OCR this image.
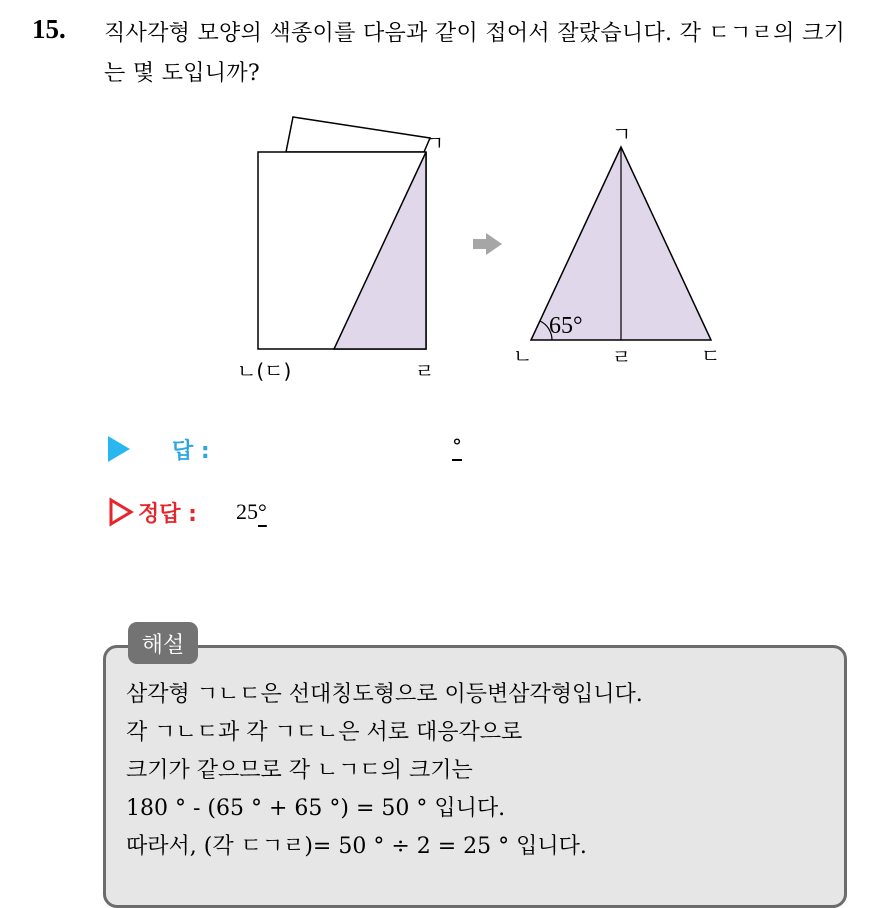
15. 직사각형 모양의 색종이를 다음과 같이 접어서 잘랐습니다. 각 ㄷㄱㄹ의 크기는 몇 도입니까?
ㄱ
ㄴ(ㄷ)	ㄹ
65°
ㄱ
ㄴ	ㄹ	ㄷ
답 :	°
정답 : 25°
해설
삼각형 ㄱㄴㄷ은 선대칭도형으로 이등변삼각형입니다.
각 ㄱㄴㄷ과 각 ㄱㄷㄴ은 서로 대응각으로
크기가 같으므로 각 ㄴㄱㄷ의 크기는
180 ° - (65 ° + 65 °) = 50 ° 입니다.
따라서, (각 ㄷㄱㄹ)= 50 ° ÷ 2 = 25 ° 입니다.
